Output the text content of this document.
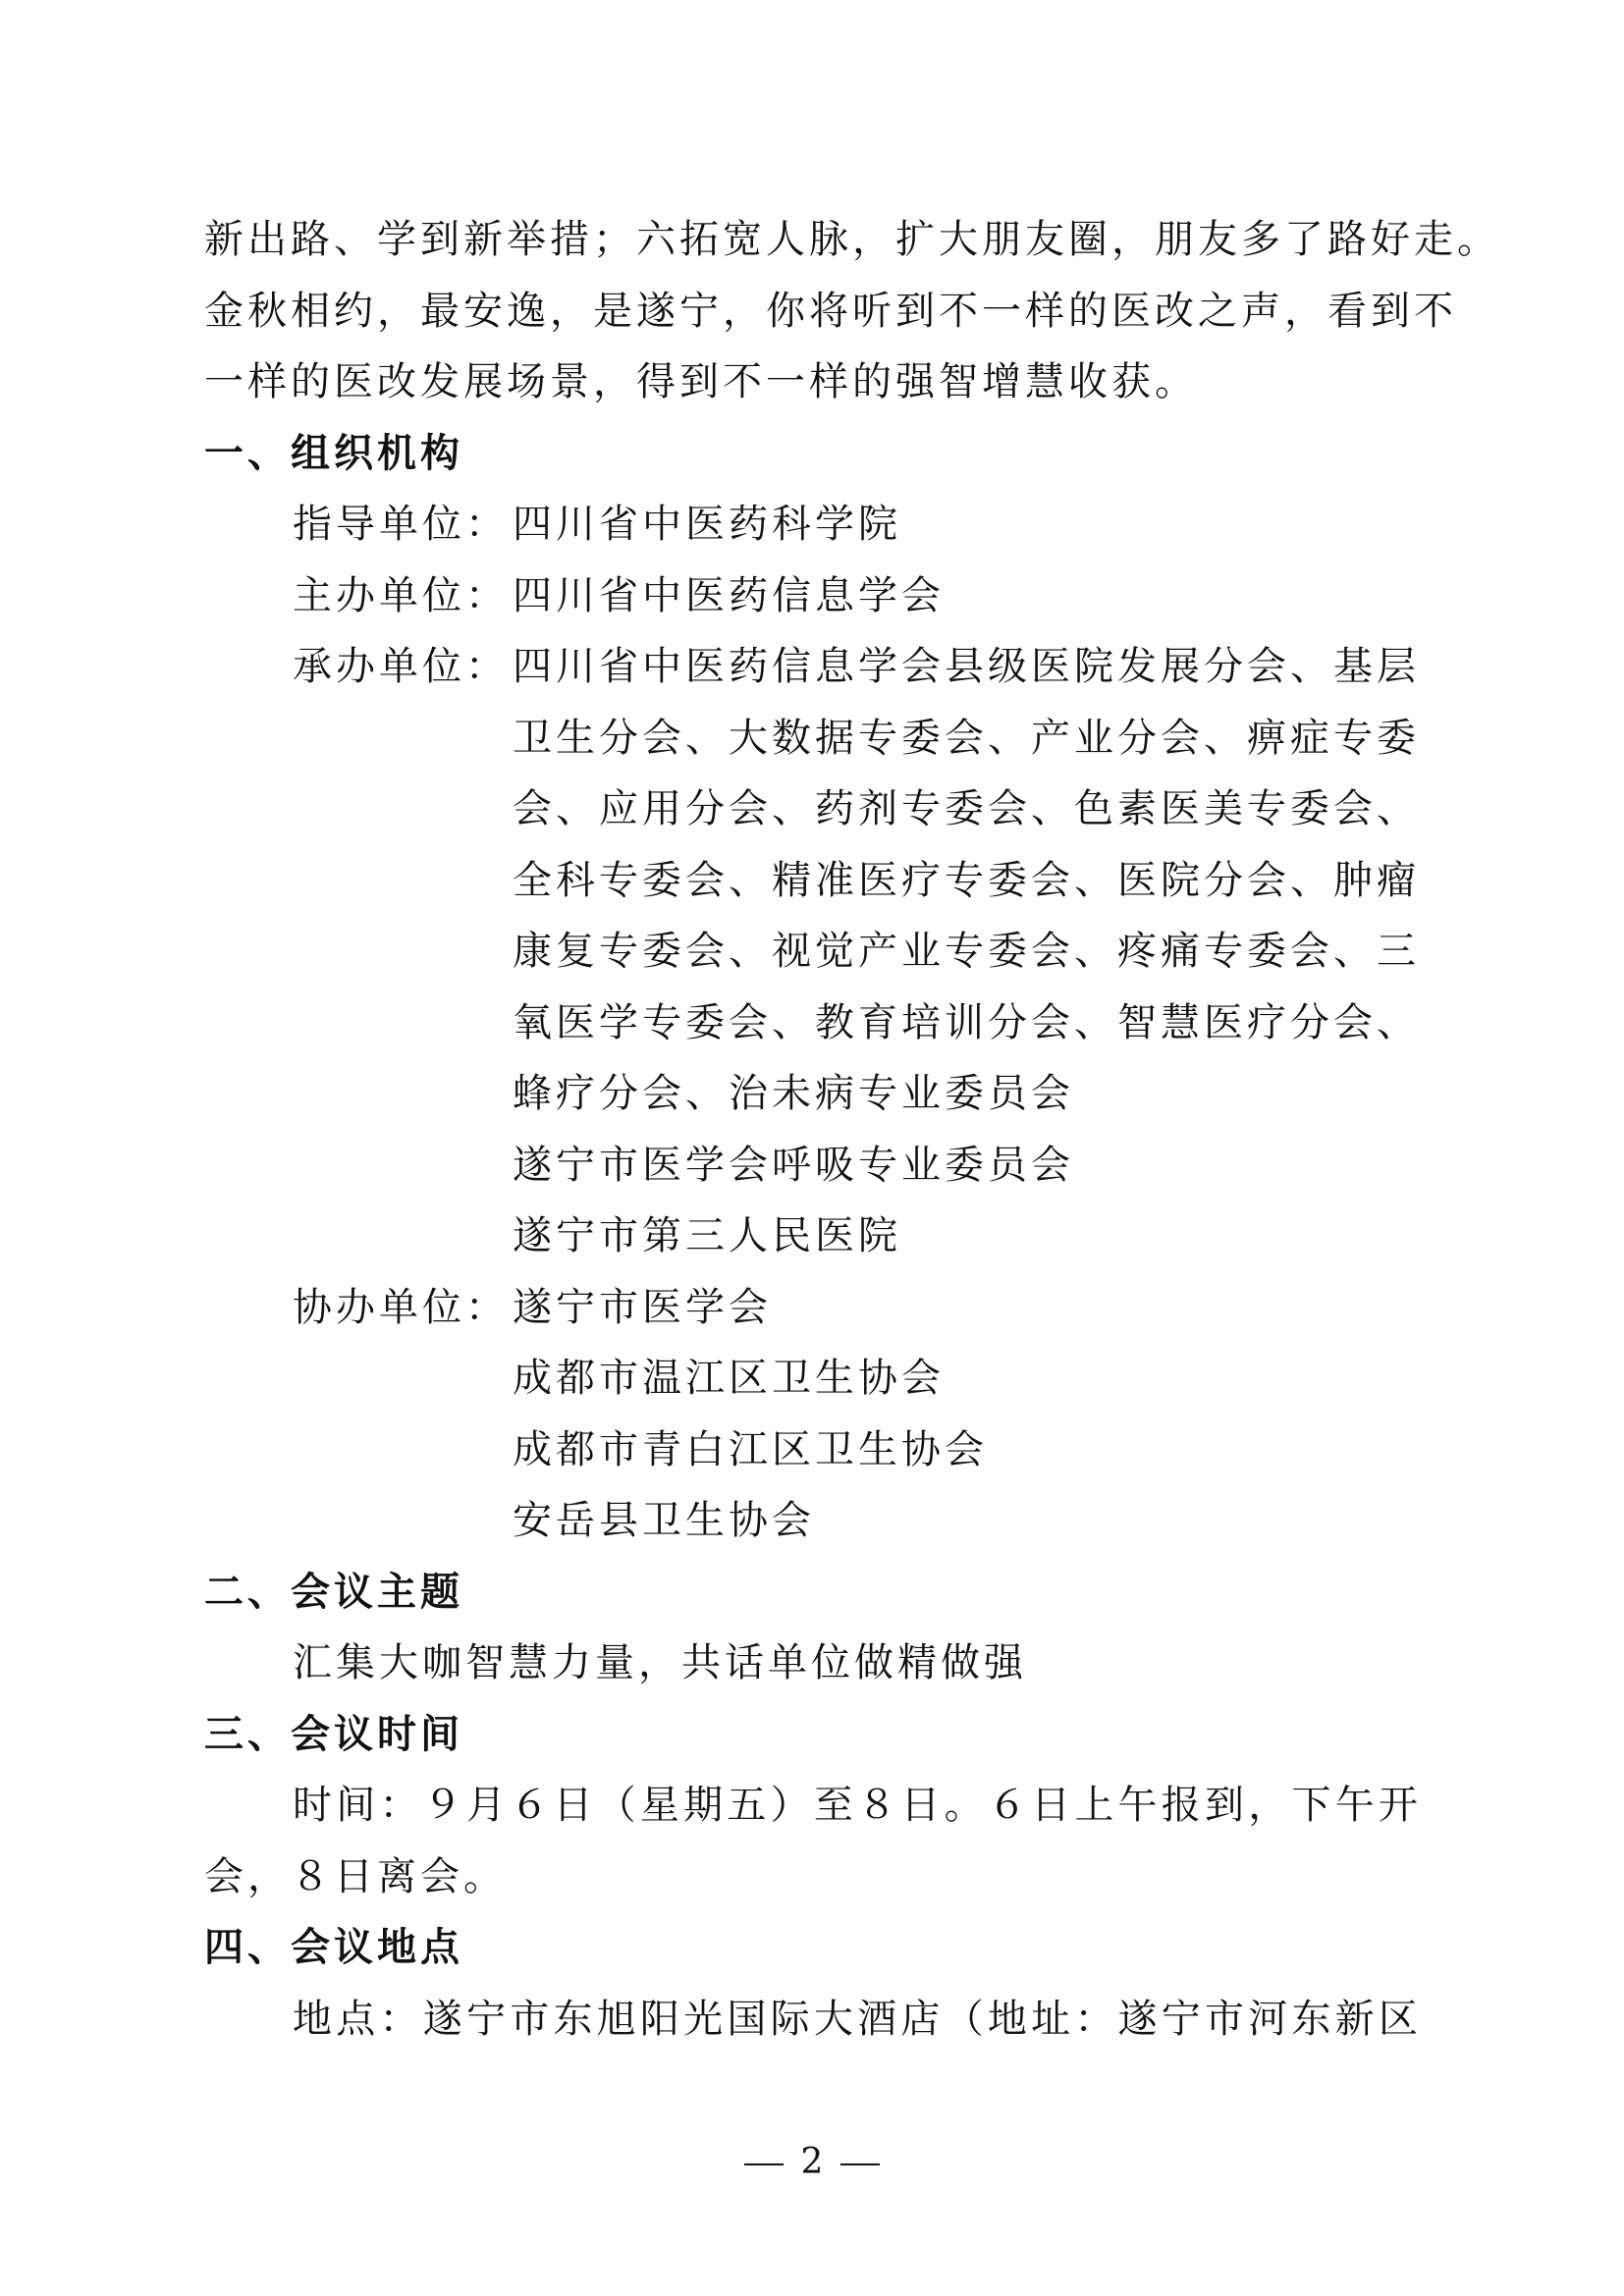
新出路、学到新举措；六拓宽人脉，扩大朋友圈，朋友多了路好走。
金秋相约，最安逸，是遂宁，你将听到不一样的医改之声，看到不
一样的医改发展场景，得到不一样的强智增慧收获。
一、组织机构
指导单位： 四川省中医药科学院
主办单位： 四川省中医药信息学会
承办单位： 四川省中医药信息学会县级医院发展分会、基层
卫生分会、大数据专委会、产业分会、痹症专委
会、应用分会、药剂专委会、色素医美专委会、
全科专委会、精准医疗专委会、医院分会、肿瘤
康复专委会、视觉产业专委会、疼痛专委会、三
氧医学专委会、教育培训分会、智慧医疗分会、
蜂疗分会、治未病专业委员会
遂宁市医学会呼吸专业委员会
遂宁市第三人民医院
协办单位： 遂宁市医学会
成都市温江区卫生协会
成都市青白江区卫生协会
安岳县卫生协会
二、会议主题
汇集大咖智慧力量，共话单位做精做强
三、会议时间
时间：９月６日（星期五）至８日。６日上午报到，下午开
会，８日离会。
四、会议地点
地点：遂宁市东旭阳光国际大酒店（地址：遂宁市河东新区
2
